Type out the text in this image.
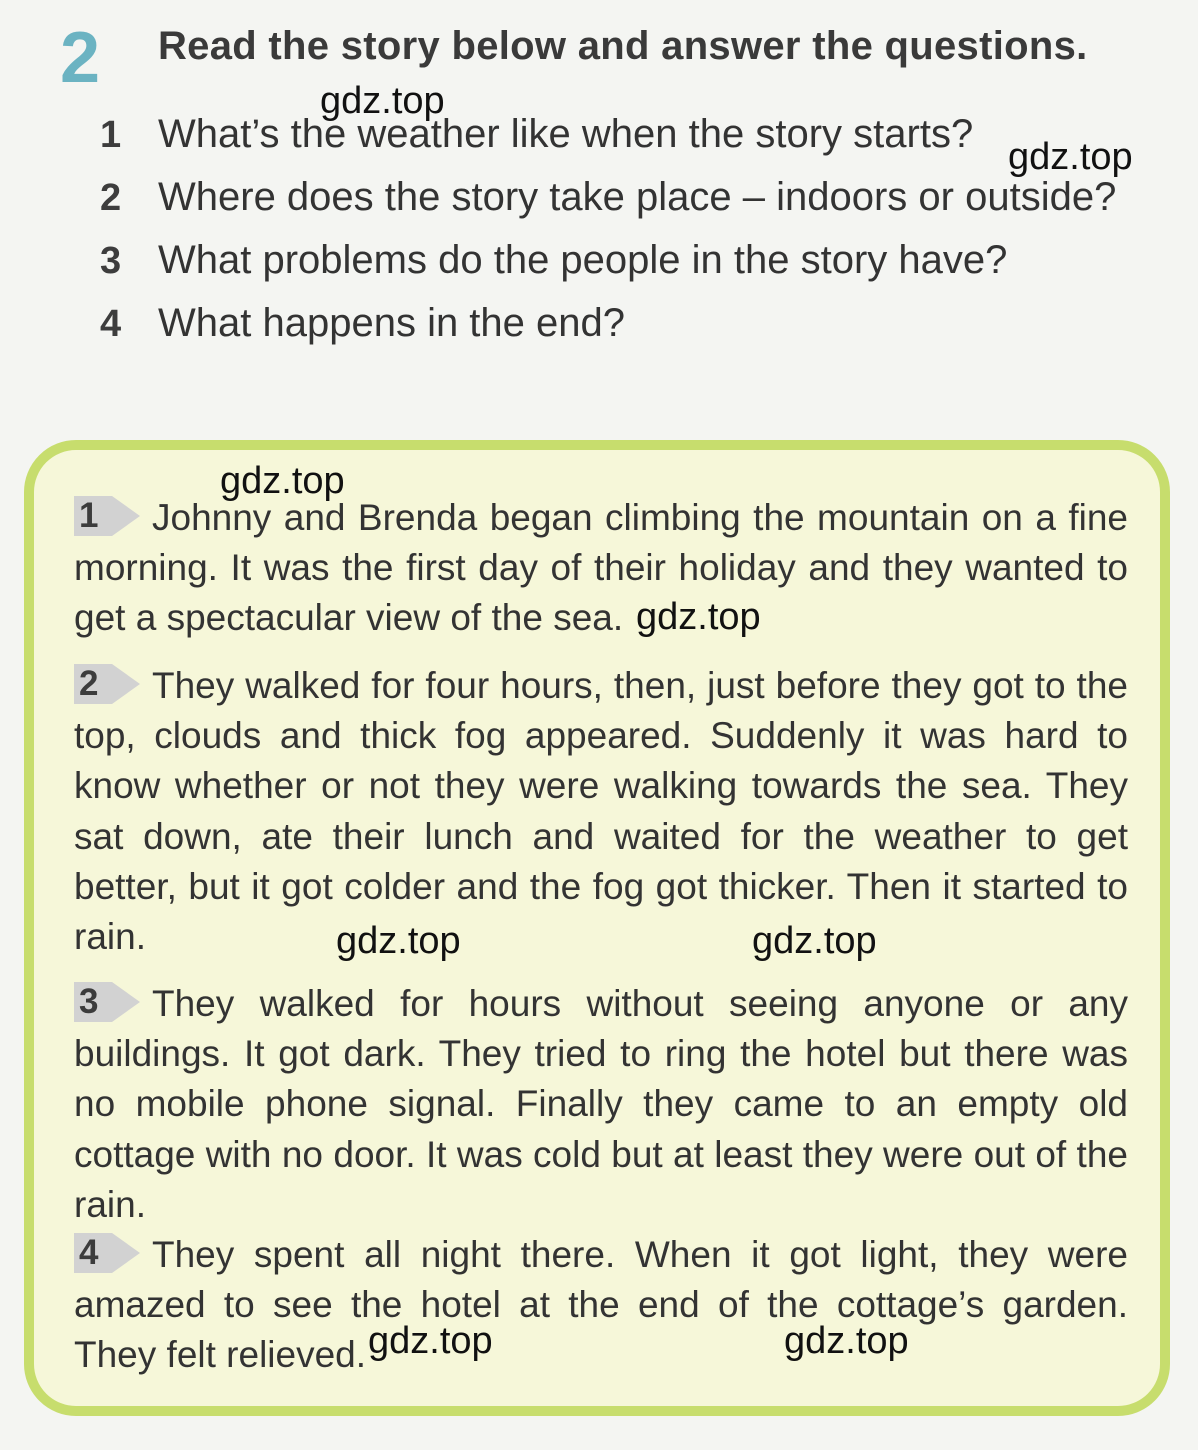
2 Read the story below and answer the questions.
1 What’s the weather like when the story starts?
2 Where does the story take place – indoors or outside?
3 What problems do the people in the story have?
4 What happens in the end?

1 Johnny and Brenda began climbing the mountain on a fine morning. It was the first day of their holiday and they wanted to get a spectacular view of the sea.

2 They walked for four hours, then, just before they got to the top, clouds and thick fog appeared. Suddenly it was hard to know whether or not they were walking towards the sea. They sat down, ate their lunch and waited for the weather to get better, but it got colder and the fog got thicker. Then it started to rain.

3 They walked for hours without seeing anyone or any buildings. It got dark. They tried to ring the hotel but there was no mobile phone signal. Finally they came to an empty old cottage with no door. It was cold but at least they were out of the rain.

4 They spent all night there. When it got light, they were amazed to see the hotel at the end of the cottage’s garden. They felt relieved.

gdz.top
gdz.top
gdz.top
gdz.top
gdz.top	gdz.top
gdz.top	gdz.top
